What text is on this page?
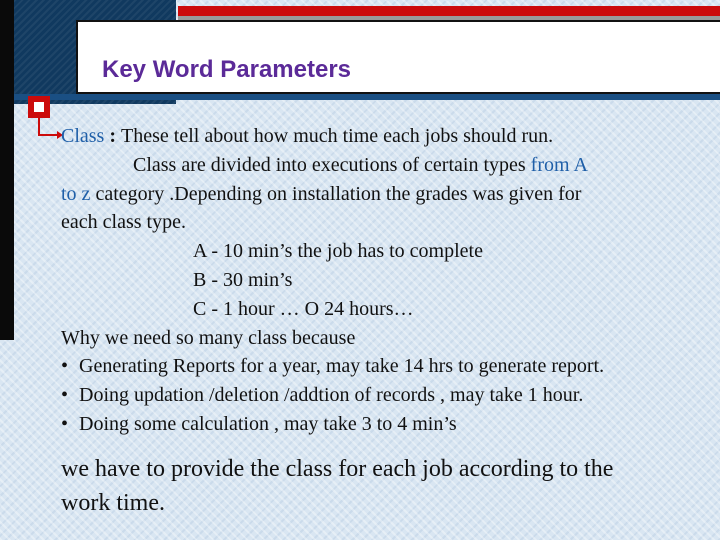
Key Word Parameters
Class : These tell about how much time each jobs should run.
Class are divided into executions of certain types from A
to z category .Depending on installation the grades was given for
each class type.
A - 10 min’s the job has to complete
B - 30 min’s
C - 1 hour … O 24 hours…
Why we need so many class because
• Generating Reports for a year, may take 14 hrs to generate report.
• Doing updation /deletion /addtion of records , may take 1 hour.
• Doing some calculation , may take 3 to 4 min’s
we have to provide the class for each job according to the
work time.
